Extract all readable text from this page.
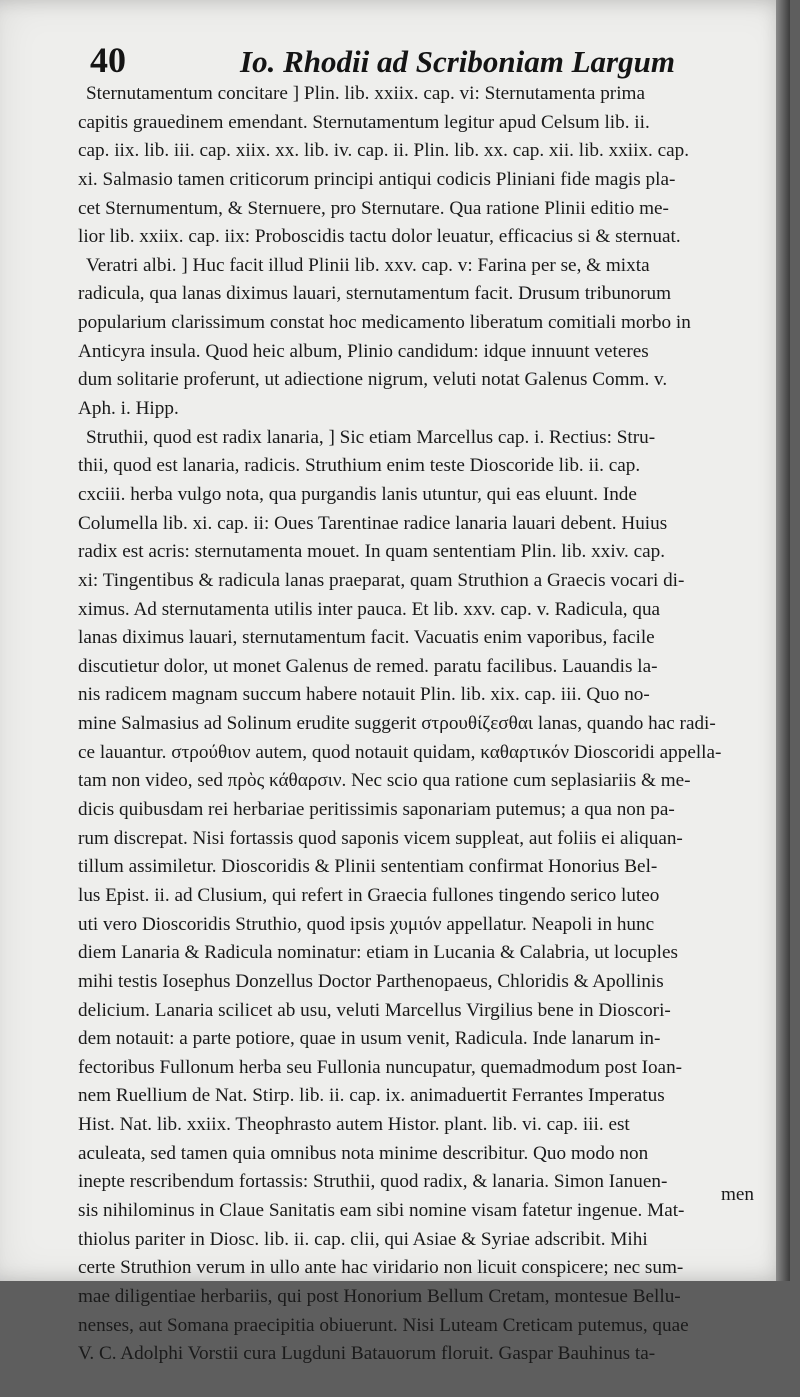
40	Io. Rhodii ad Scriboniam Largum
Sternutamentum concitare ] Plin. lib. xxiix. cap. vi: Sternutamenta prima
capitis grauedinem emendant. Sternutamentum legitur apud Celsum lib. ii.
cap. iix. lib. iii. cap. xiix. xx. lib. iv. cap. ii. Plin. lib. xx. cap. xii. lib. xxiix. cap.
xi. Salmasio tamen criticorum principi antiqui codicis Pliniani fide magis pla-
cet Sternumentum, & Sternuere, pro Sternutare. Qua ratione Plinii editio me-
lior lib. xxiix. cap. iix: Proboscidis tactu dolor leuatur, efficacius si & sternuat.
Veratri albi. ] Huc facit illud Plinii lib. xxv. cap. v: Farina per se, & mixta
radicula, qua lanas diximus lauari, sternutamentum facit. Drusum tribunorum
popularium clarissimum constat hoc medicamento liberatum comitiali morbo in
Anticyra insula. Quod heic album, Plinio candidum: idque innuunt veteres
dum solitarie proferunt, ut adiectione nigrum, veluti notat Galenus Comm. v.
Aph. i. Hipp.
Struthii, quod est radix lanaria, ] Sic etiam Marcellus cap. i. Rectius: Stru-
thii, quod est lanaria, radicis. Struthium enim teste Dioscoride lib. ii. cap.
cxciii. herba vulgo nota, qua purgandis lanis utuntur, qui eas eluunt. Inde
Columella lib. xi. cap. ii: Oues Tarentinae radice lanaria lauari debent. Huius
radix est acris: sternutamenta mouet. In quam sententiam Plin. lib. xxiv. cap.
xi: Tingentibus & radicula lanas praeparat, quam Struthion a Graecis vocari di-
ximus. Ad sternutamenta utilis inter pauca. Et lib. xxv. cap. v. Radicula, qua
lanas diximus lauari, sternutamentum facit. Vacuatis enim vaporibus, facile
discutietur dolor, ut monet Galenus de remed. paratu facilibus. Lauandis la-
nis radicem magnam succum habere notauit Plin. lib. xix. cap. iii. Quo no-
mine Salmasius ad Solinum erudite suggerit στρουθίζεσθαι lanas, quando hac radi-
ce lauantur. στρούθιον autem, quod notauit quidam, καθαρτικόν Dioscoridi appella-
tam non video, sed πρὸς κάθαρσιν. Nec scio qua ratione cum seplasiariis & me-
dicis quibusdam rei herbariae peritissimis saponariam putemus; a qua non pa-
rum discrepat. Nisi fortassis quod saponis vicem suppleat, aut foliis ei aliquan-
tillum assimiletur. Dioscoridis & Plinii sententiam confirmat Honorius Bel-
lus Epist. ii. ad Clusium, qui refert in Graecia fullones tingendo serico luteo
uti vero Dioscoridis Struthio, quod ipsis χυμιόν appellatur. Neapoli in hunc
diem Lanaria & Radicula nominatur: etiam in Lucania & Calabria, ut locuples
mihi testis Iosephus Donzellus Doctor Parthenopaeus, Chloridis & Apollinis
delicium. Lanaria scilicet ab usu, veluti Marcellus Virgilius bene in Dioscori-
dem notauit: a parte potiore, quae in usum venit, Radicula. Inde lanarum in-
fectoribus Fullonum herba seu Fullonia nuncupatur, quemadmodum post Ioan-
nem Ruellium de Nat. Stirp. lib. ii. cap. ix. animaduertit Ferrantes Imperatus
Hist. Nat. lib. xxiix. Theophrasto autem Histor. plant. lib. vi. cap. iii. est
aculeata, sed tamen quia omnibus nota minime describitur. Quo modo non
inepte rescribendum fortassis: Struthii, quod radix, & lanaria. Simon Ianuen-
sis nihilominus in Claue Sanitatis eam sibi nomine visam fatetur ingenue. Mat-
thiolus pariter in Diosc. lib. ii. cap. clii, qui Asiae & Syriae adscribit. Mihi
certe Struthion verum in ullo ante hac viridario non licuit conspicere; nec sum-
mae diligentiae herbariis, qui post Honorium Bellum Cretam, montesue Bellu-
nenses, aut Somana praecipitia obiuerunt. Nisi Luteam Creticam putemus, quae
V. C. Adolphi Vorstii cura Lugduni Batauorum floruit. Gaspar Bauhinus ta-
men
